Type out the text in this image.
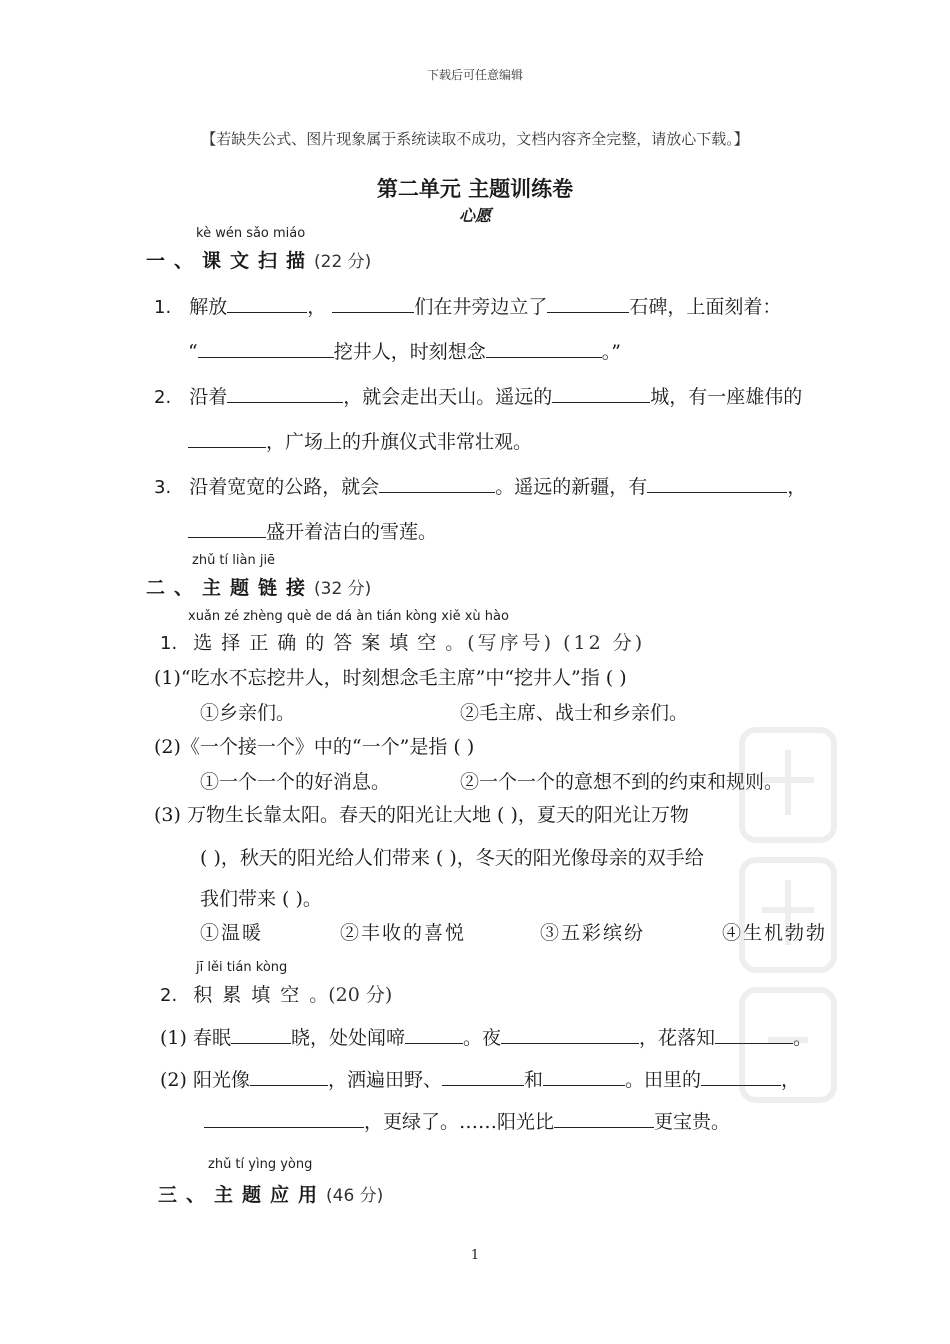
下载后可任意编辑
【若缺失公式、图片现象属于系统读取不成功，文档内容齐全完整，请放心下载。】
第二单元 主题训练卷
心愿
kè wén sǎo miáo
一、课文扫描(22 分)
1. 解放	，	们在井旁边立了	石碑，上面刻着：
“	挖井人，时刻想念	。”
2. 沿着	，就会走出天山。遥远的	城，有一座雄伟的
，广场上的升旗仪式非常壮观。
3. 沿着宽宽的公路，就会	。遥远的新疆，有	，
盛开着洁白的雪莲。
zhǔ tí liàn jiē
二、主题链接(32 分)
xuǎn zé zhèng què de dá àn tián kòng xiě xù hào
1. 选择正确的答案填空。(写序号) (12 分)
(1)“吃水不忘挖井人，时刻想念毛主席”中“挖井人”指 ( )
①乡亲们。	②毛主席、战士和乡亲们。
(2)《一个接一个》中的“一个”是指 ( )
①一个一个的好消息。	②一个一个的意想不到的约束和规则。
(3) 万物生长靠太阳。春天的阳光让大地 ( )，夏天的阳光让万物
( )，秋天的阳光给人们带来 ( )，冬天的阳光像母亲的双手给
我们带来 ( )。
①温暖	②丰收的喜悦	③五彩缤纷	④生机勃勃
jī lěi tián kòng
2. 积累填空。(20 分)
(1) 春眠	晓，处处闻啼	。夜	，花落知	。
(2) 阳光像	，洒遍田野、	和	。田里的	，
，更绿了。……阳光比	更宝贵。
zhǔ tí yìng yòng
三、主题应用(46 分)
1
